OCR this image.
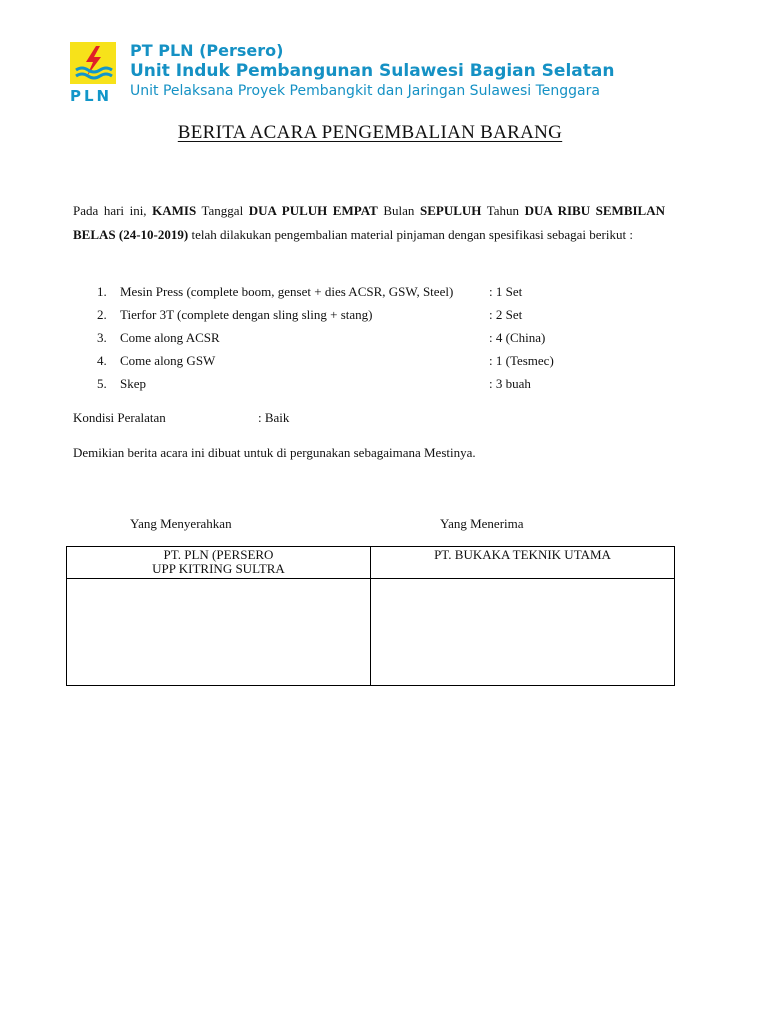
PLN
PT PLN (Persero)
Unit Induk Pembangunan Sulawesi Bagian Selatan
Unit Pelaksana Proyek Pembangkit dan Jaringan Sulawesi Tenggara
BERITA ACARA PENGEMBALIAN BARANG
Pada hari ini, KAMIS Tanggal DUA PULUH EMPAT Bulan SEPULUH Tahun DUA RIBU SEMBILAN BELAS (24-10-2019) telah dilakukan pengembalian material pinjaman dengan spesifikasi sebagai berikut :
1. Mesin Press (complete boom, genset + dies ACSR, GSW, Steel)	: 1 Set
2. Tierfor 3T (complete dengan sling sling + stang)	: 2 Set
3. Come along ACSR	: 4 (China)
4. Come along GSW	: 1 (Tesmec)
5. Skep	: 3 buah
Kondisi Peralatan	: Baik
Demikian berita acara ini dibuat untuk di pergunakan sebagaimana Mestinya.
Yang Menyerahkan	Yang Menerima
PT. PLN (PERSERO
UPP KITRING SULTRA	PT. BUKAKA TEKNIK UTAMA
